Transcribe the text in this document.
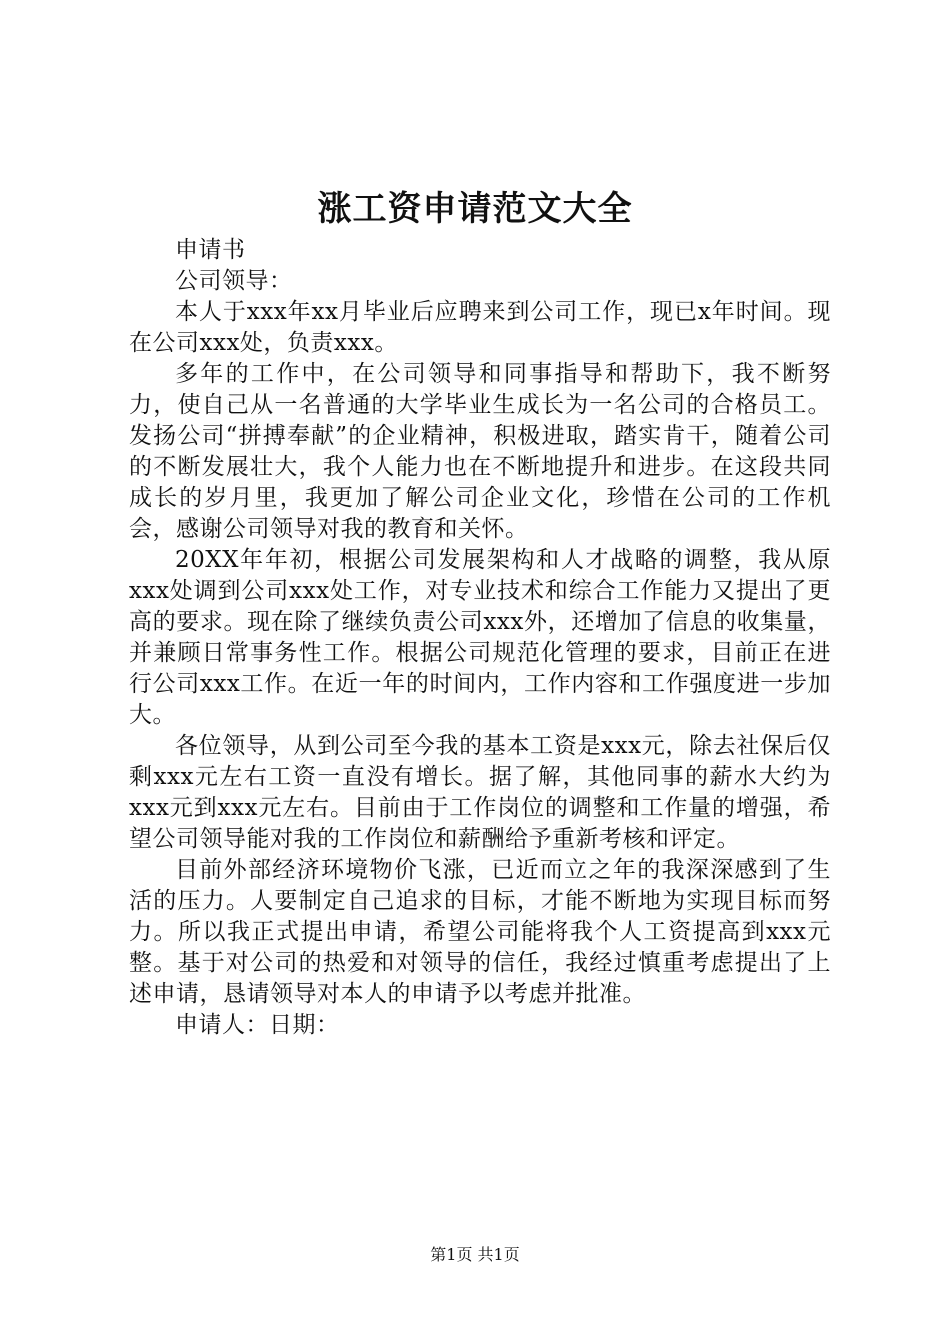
涨工资申请范文大全

申请书

公司领导：

本人于xxx年xx月毕业后应聘来到公司工作，现已x年时间。现在公司xxx处，负责xxx。

多年的工作中，在公司领导和同事指导和帮助下，我不断努力，使自己从一名普通的大学毕业生成长为一名公司的合格员工。发扬公司“拼搏奉献”的企业精神，积极进取，踏实肯干，随着公司的不断发展壮大，我个人能力也在不断地提升和进步。在这段共同成长的岁月里，我更加了解公司企业文化，珍惜在公司的工作机会，感谢公司领导对我的教育和关怀。

20XX年年初，根据公司发展架构和人才战略的调整，我从原xxx处调到公司xxx处工作，对专业技术和综合工作能力又提出了更高的要求。现在除了继续负责公司xxx外，还增加了信息的收集量，并兼顾日常事务性工作。根据公司规范化管理的要求，目前正在进行公司xxx工作。在近一年的时间内，工作内容和工作强度进一步加大。

各位领导，从到公司至今我的基本工资是xxx元，除去社保后仅剩xxx元左右工资一直没有增长。据了解，其他同事的薪水大约为xxx元到xxx元左右。目前由于工作岗位的调整和工作量的增强，希望公司领导能对我的工作岗位和薪酬给予重新考核和评定。

目前外部经济环境物价飞涨，已近而立之年的我深深感到了生活的压力。人要制定自己追求的目标，才能不断地为实现目标而努力。所以我正式提出申请，希望公司能将我个人工资提高到xxx元整。基于对公司的热爱和对领导的信任，我经过慎重考虑提出了上述申请，恳请领导对本人的申请予以考虑并批准。

申请人：日期：

第1页 共1页
